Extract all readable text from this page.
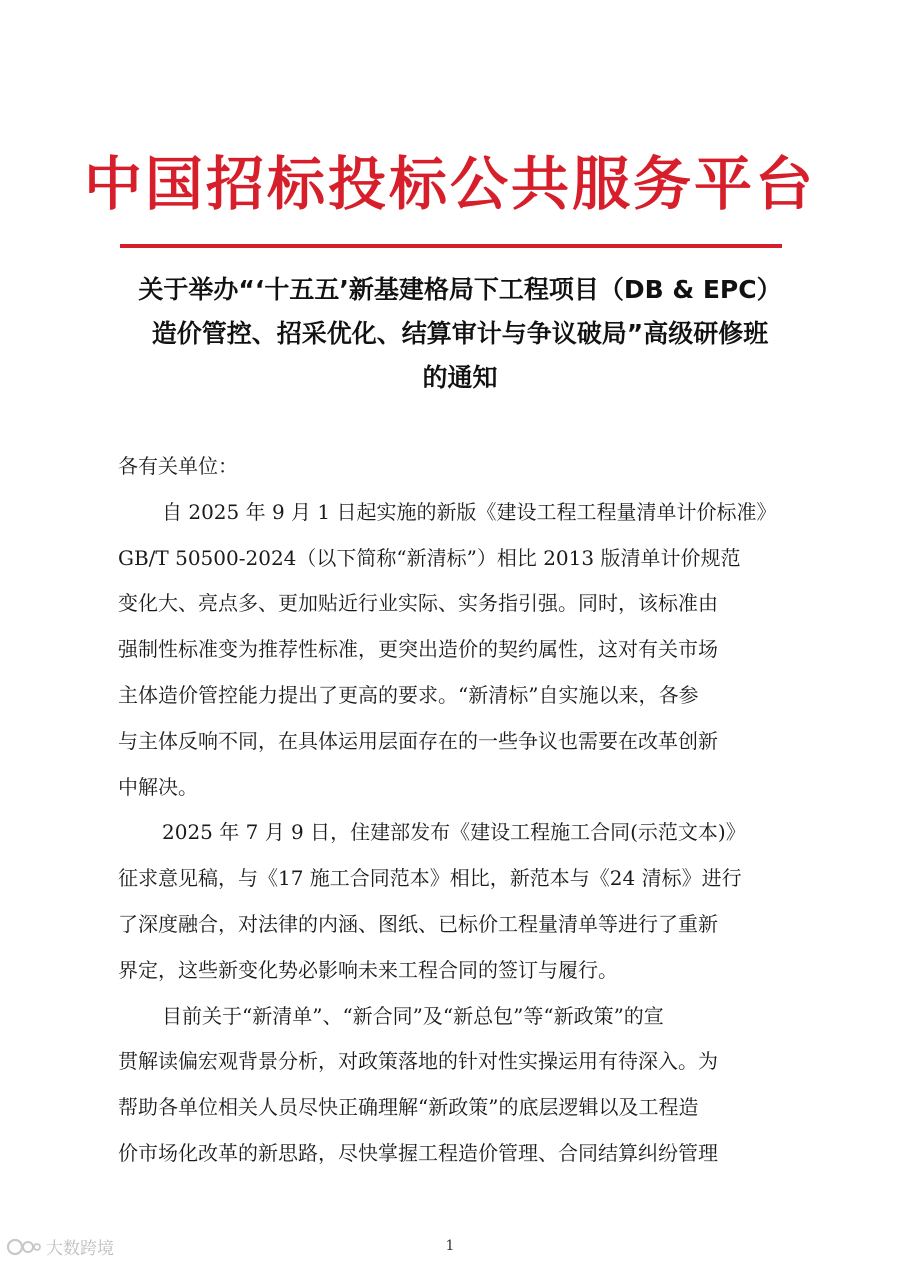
中国招标投标公共服务平台
关于举办“‘十五五’新基建格局下工程项目（DB & EPC）
造价管控、招采优化、结算审计与争议破局”高级研修班
的通知
各有关单位：
自 2025 年 9 月 1 日起实施的新版《建设工程工程量清单计价标准》
GB/T 50500-2024（以下简称“新清标”）相比 2013 版清单计价规范
变化大、亮点多、更加贴近行业实际、实务指引强。同时，该标准由
强制性标准变为推荐性标准，更突出造价的契约属性，这对有关市场
主体造价管控能力提出了更高的要求。“新清标”自实施以来，各参
与主体反响不同，在具体运用层面存在的一些争议也需要在改革创新
中解决。
2025 年 7 月 9 日，住建部发布《建设工程施工合同(示范文本)》
征求意见稿，与《17 施工合同范本》相比，新范本与《24 清标》进行
了深度融合，对法律的内涵、图纸、已标价工程量清单等进行了重新
界定，这些新变化势必影响未来工程合同的签订与履行。
目前关于“新清单”、“新合同”及“新总包”等“新政策”的宣
贯解读偏宏观背景分析，对政策落地的针对性实操运用有待深入。为
帮助各单位相关人员尽快正确理解“新政策”的底层逻辑以及工程造
价市场化改革的新思路，尽快掌握工程造价管理、合同结算纠纷管理
1
大数跨境
